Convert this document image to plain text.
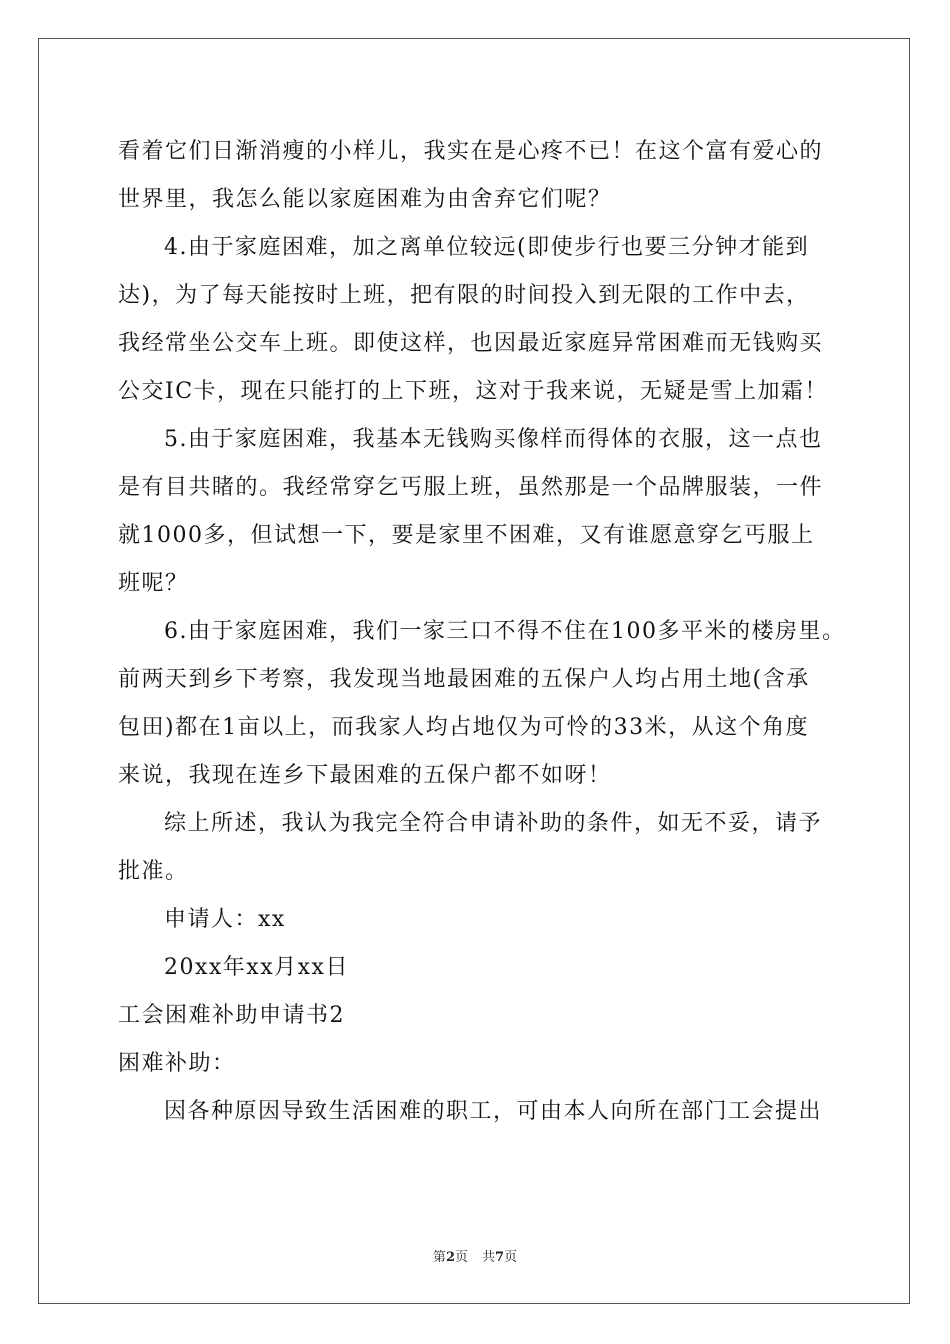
看着它们日渐消瘦的小样儿，我实在是心疼不已！在这个富有爱心的
世界里，我怎么能以家庭困难为由舍弃它们呢？
4.由于家庭困难，加之离单位较远(即使步行也要三分钟才能到
达)，为了每天能按时上班，把有限的时间投入到无限的工作中去，
我经常坐公交车上班。即使这样，也因最近家庭异常困难而无钱购买
公交IC卡，现在只能打的上下班，这对于我来说，无疑是雪上加霜！
5.由于家庭困难，我基本无钱购买像样而得体的衣服，这一点也
是有目共睹的。我经常穿乞丐服上班，虽然那是一个品牌服装，一件
就1000多，但试想一下，要是家里不困难，又有谁愿意穿乞丐服上
班呢？
6.由于家庭困难，我们一家三口不得不住在100多平米的楼房里。
前两天到乡下考察，我发现当地最困难的五保户人均占用土地(含承
包田)都在1亩以上，而我家人均占地仅为可怜的33米，从这个角度
来说，我现在连乡下最困难的五保户都不如呀！
综上所述，我认为我完全符合申请补助的条件，如无不妥，请予
批准。
申请人：xx
20xx年xx月xx日
工会困难补助申请书2
困难补助：
因各种原因导致生活困难的职工，可由本人向所在部门工会提出
第2页 共7页
